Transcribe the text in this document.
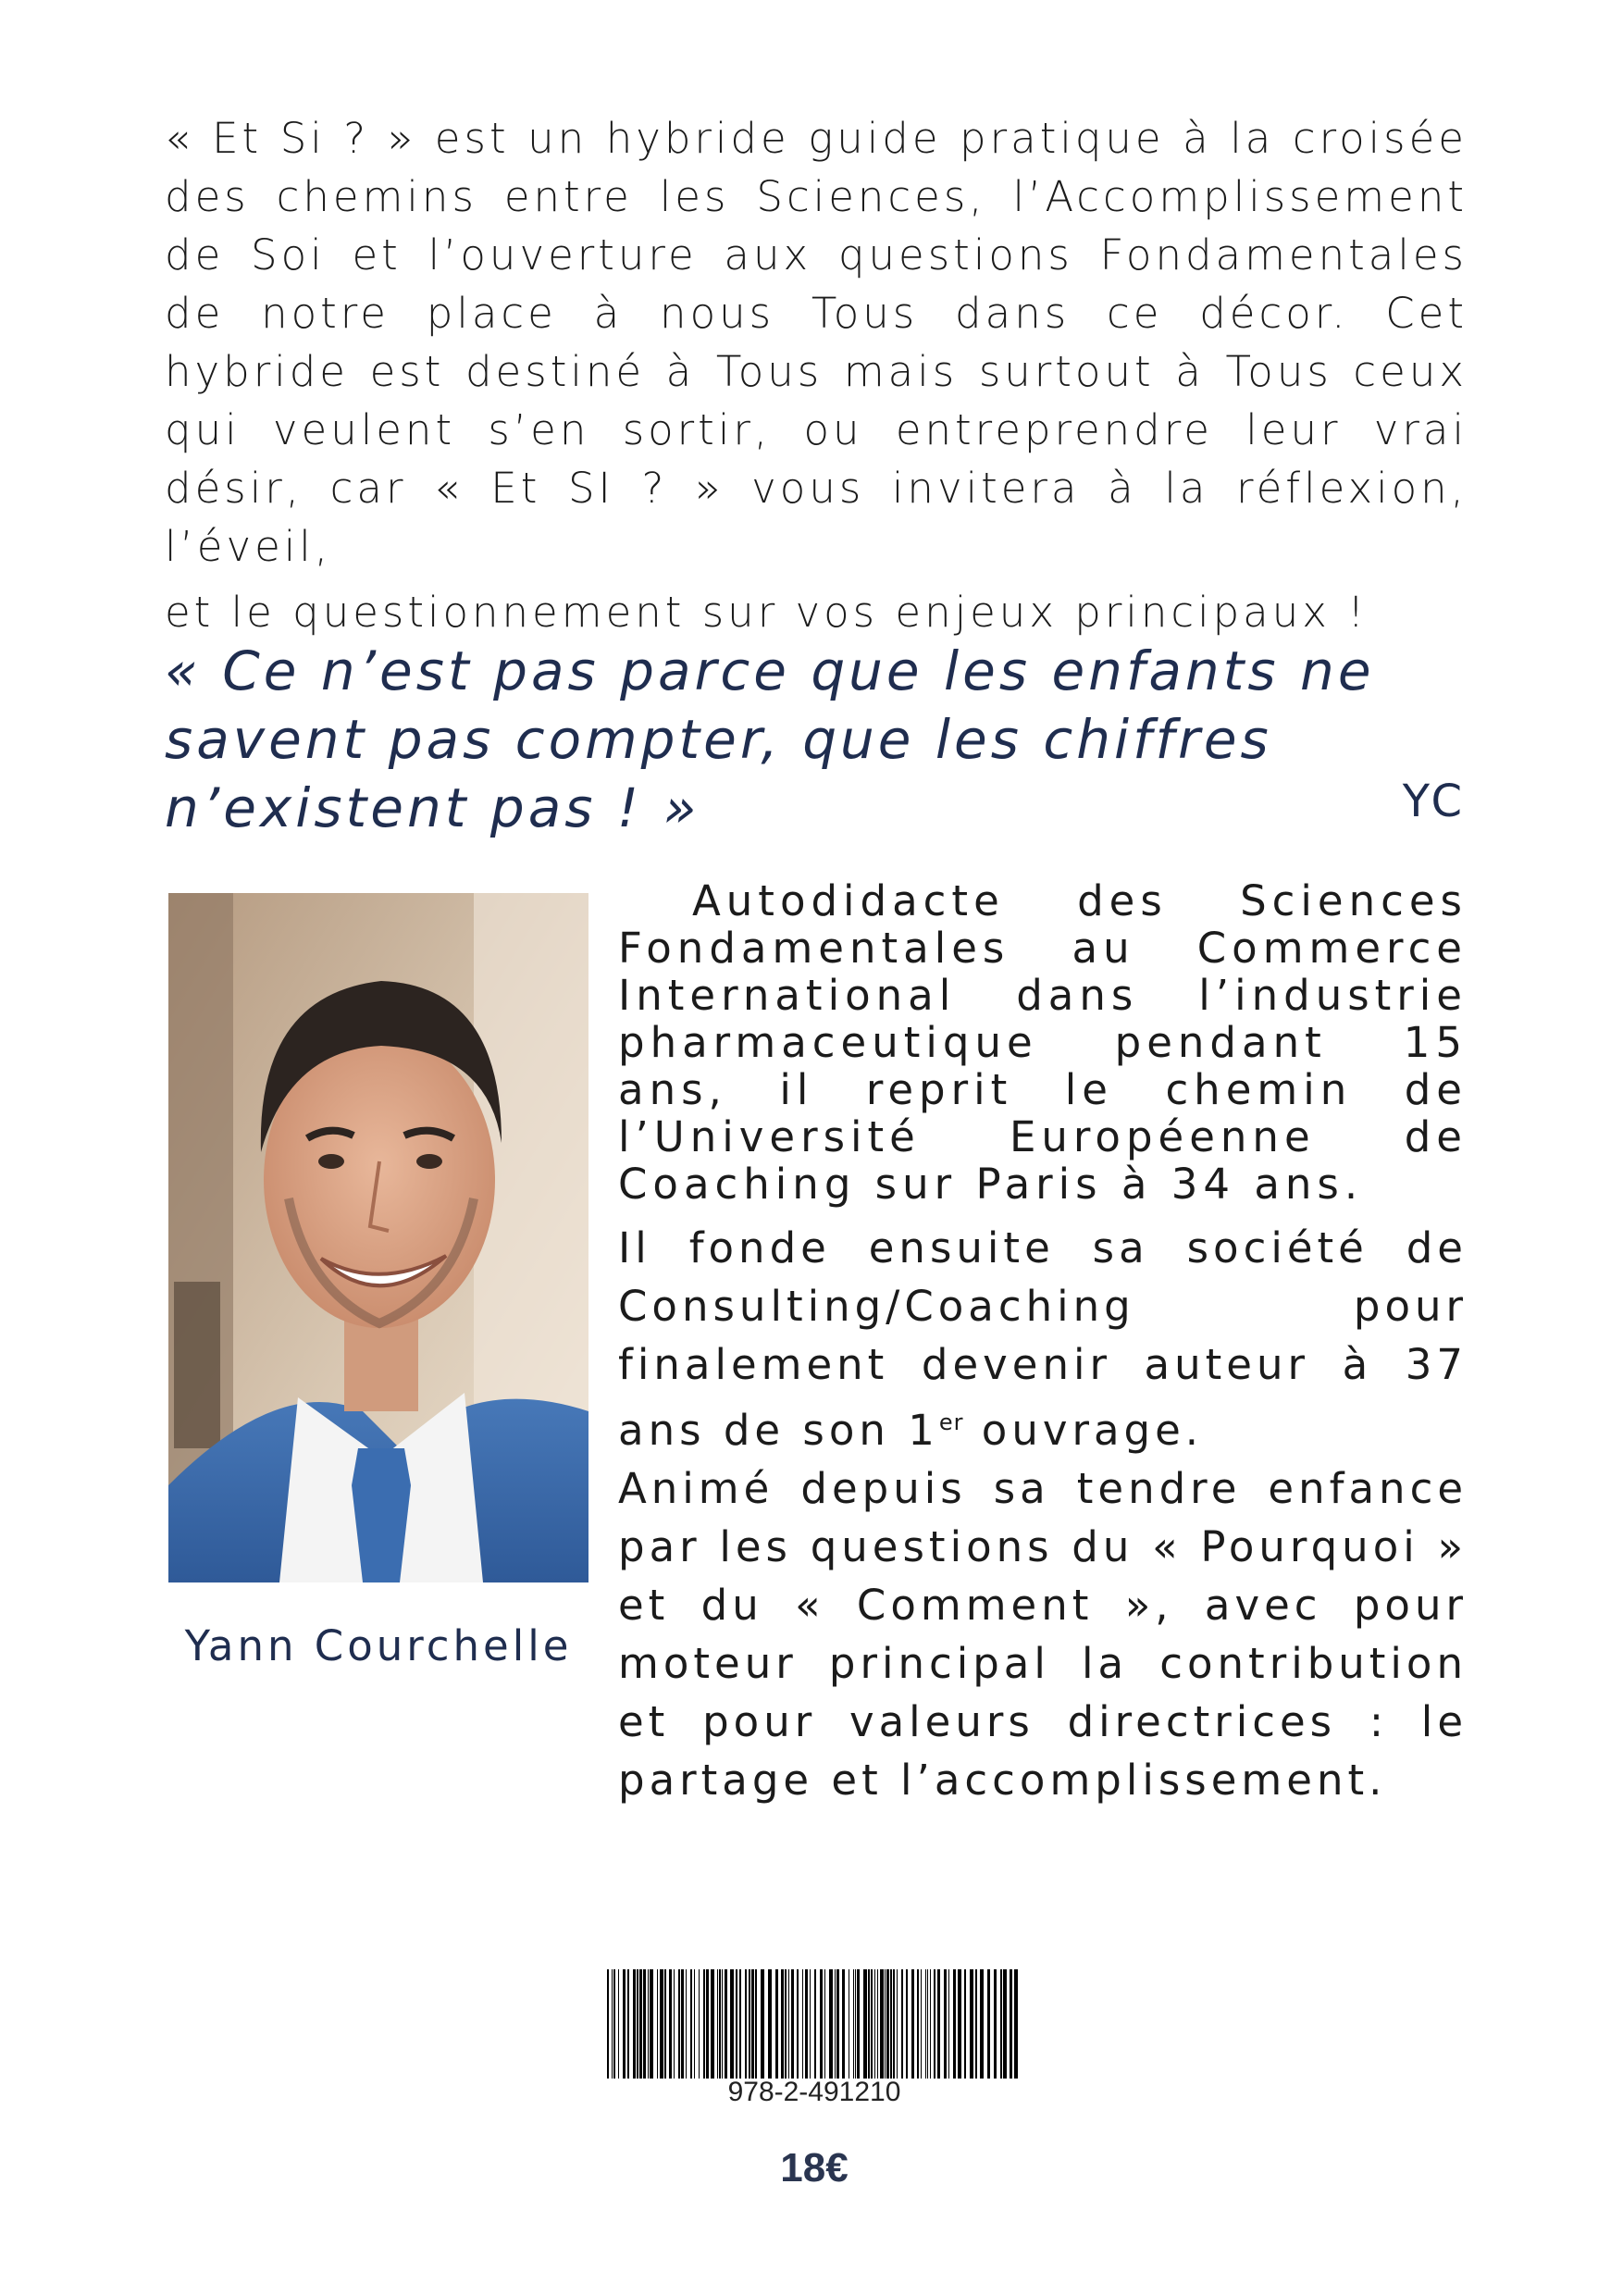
« Et Si ? » est un hybride guide pratique à la croisée des chemins entre les Sciences, l’Accomplissement de Soi et l’ouverture aux questions Fondamentales de notre place à nous Tous dans ce décor. Cet hybride est destiné à Tous mais surtout à Tous ceux qui veulent s’en sortir, ou entreprendre leur vrai désir, car « Et SI ? » vous invitera à la réflexion, l’éveil,
et le questionnement sur vos enjeux principaux !

« Ce n’est pas parce que les enfants ne savent pas compter, que les chiffres n’existent pas ! »	YC
Yann Courchelle

Autodidacte des Sciences Fondamentales au Commerce International dans l’industrie pharmaceutique pendant 15 ans, il reprit le chemin de l’Université Européenne de Coaching sur Paris à 34 ans.

Il fonde ensuite sa société de Consulting/Coaching pour finalement devenir auteur à 37 ans de son 1er ouvrage.

Animé depuis sa tendre enfance par les questions du « Pourquoi » et du « Comment », avec pour moteur principal la contribution et pour valeurs directrices : le partage et l’accomplissement.

978-2-491210
18€
